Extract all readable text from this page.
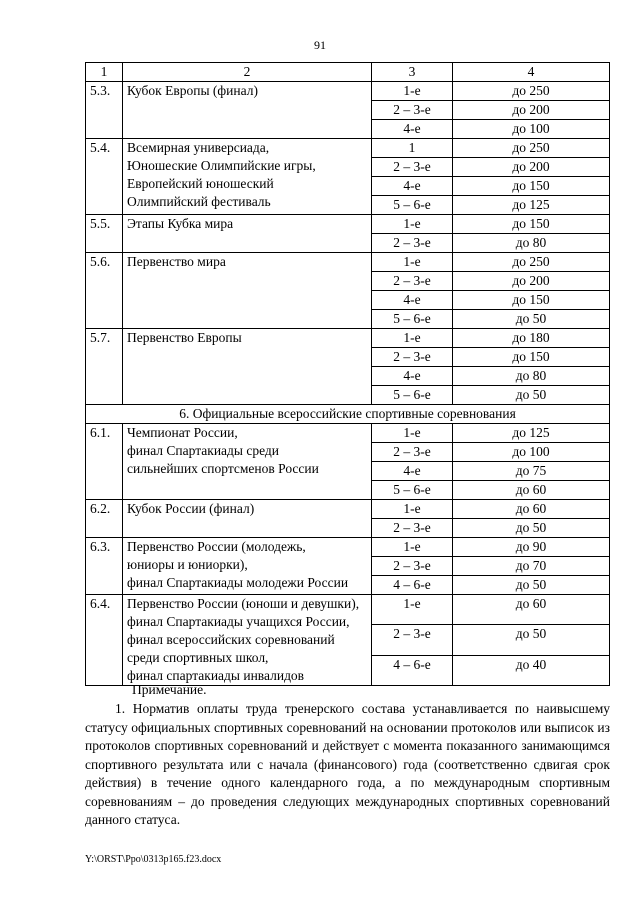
91
1	2	3	4
5.3.	Кубок Европы (финал)	1-е	до 250
		2 – 3-е	до 200
		4-е	до 100
5.4.	Всемирная универсиада,
Юношеские Олимпийские игры,
Европейский юношеский
Олимпийский фестиваль	1	до 250
		2 – 3-е	до 200
		4-е	до 150
		5 – 6-е	до 125
5.5.	Этапы Кубка мира	1-е	до 150
		2 – 3-е	до 80
5.6.	Первенство мира	1-е	до 250
		2 – 3-е	до 200
		4-е	до 150
		5 – 6-е	до 50
5.7.	Первенство Европы	1-е	до 180
		2 – 3-е	до 150
		4-е	до 80
		5 – 6-е	до 50
6. Официальные всероссийские спортивные соревнования			
6.1.	Чемпионат России,
финал Спартакиады среди
сильнейших спортсменов России	1-е	до 125
		2 – 3-е	до 100
		4-е	до 75
		5 – 6-е	до 60
6.2.	Кубок России (финал)	1-е	до 60
		2 – 3-е	до 50
6.3.	Первенство России (молодежь,
юниоры и юниорки),
финал Спартакиады молодежи России	1-е	до 90
		2 – 3-е	до 70
		4 – 6-е	до 50
6.4.	Первенство России (юноши и девушки),
финал Спартакиады учащихся России,
финал всероссийских соревнований
среди спортивных школ,
финал спартакиады инвалидов	1-е	до 60
		2 – 3-е	до 50
		4 – 6-е	до 40
Примечание.
1. Норматив оплаты труда тренерского состава устанавливается по наивысшему статусу официальных спортивных соревнований на основании протоколов или выписок из протоколов спортивных соревнований и действует с момента показанного занимающимся спортивного результата или с начала (финансового) года (соответственно сдвигая срок действия) в течение одного календарного года, а по международным спортивным соревнованиям – до проведения следующих международных спортивных соревнований данного статуса.
Y:\ORST\Ppo\0313p165.f23.docx
